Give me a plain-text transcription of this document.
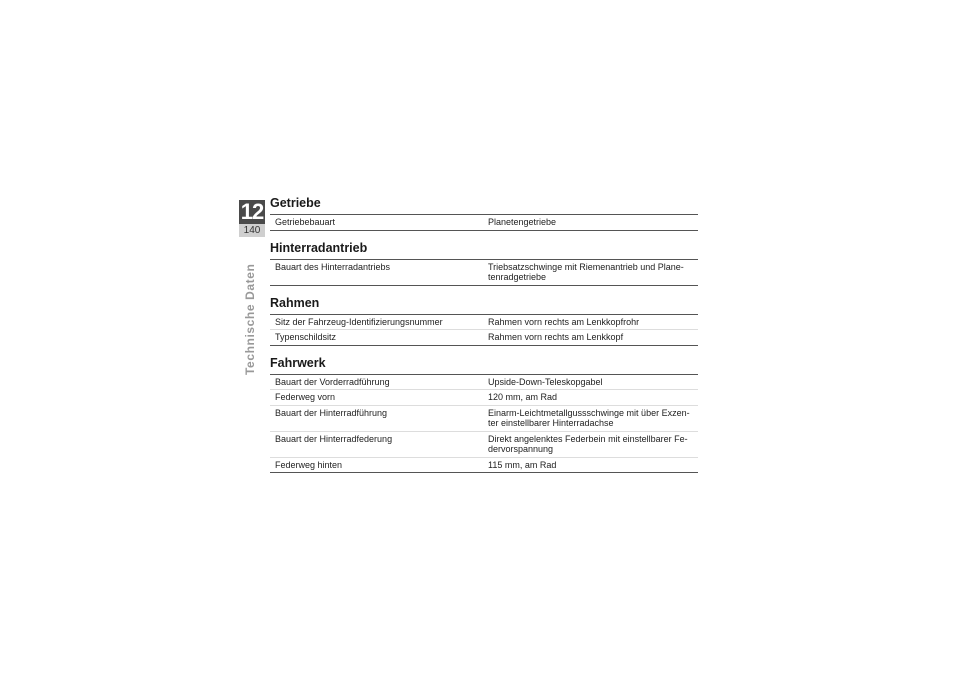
12
140
Technische Daten
Getriebe
Getriebebauart	Planetengetriebe
Hinterradantrieb
Bauart des Hinterradantriebs	Triebsatzschwinge mit Riemenantrieb und Plane-
tenradgetriebe
Rahmen
Sitz der Fahrzeug-Identifizierungsnummer	Rahmen vorn rechts am Lenkkopfrohr
Typenschildsitz	Rahmen vorn rechts am Lenkkopf
Fahrwerk
Bauart der Vorderradführung	Upside-Down-Teleskopgabel
Federweg vorn	120 mm, am Rad
Bauart der Hinterradführung	Einarm-Leichtmetallgussschwinge mit über Exzen-
ter einstellbarer Hinterradachse
Bauart der Hinterradfederung	Direkt angelenktes Federbein mit einstellbarer Fe-
dervorspannung
Federweg hinten	115 mm, am Rad
